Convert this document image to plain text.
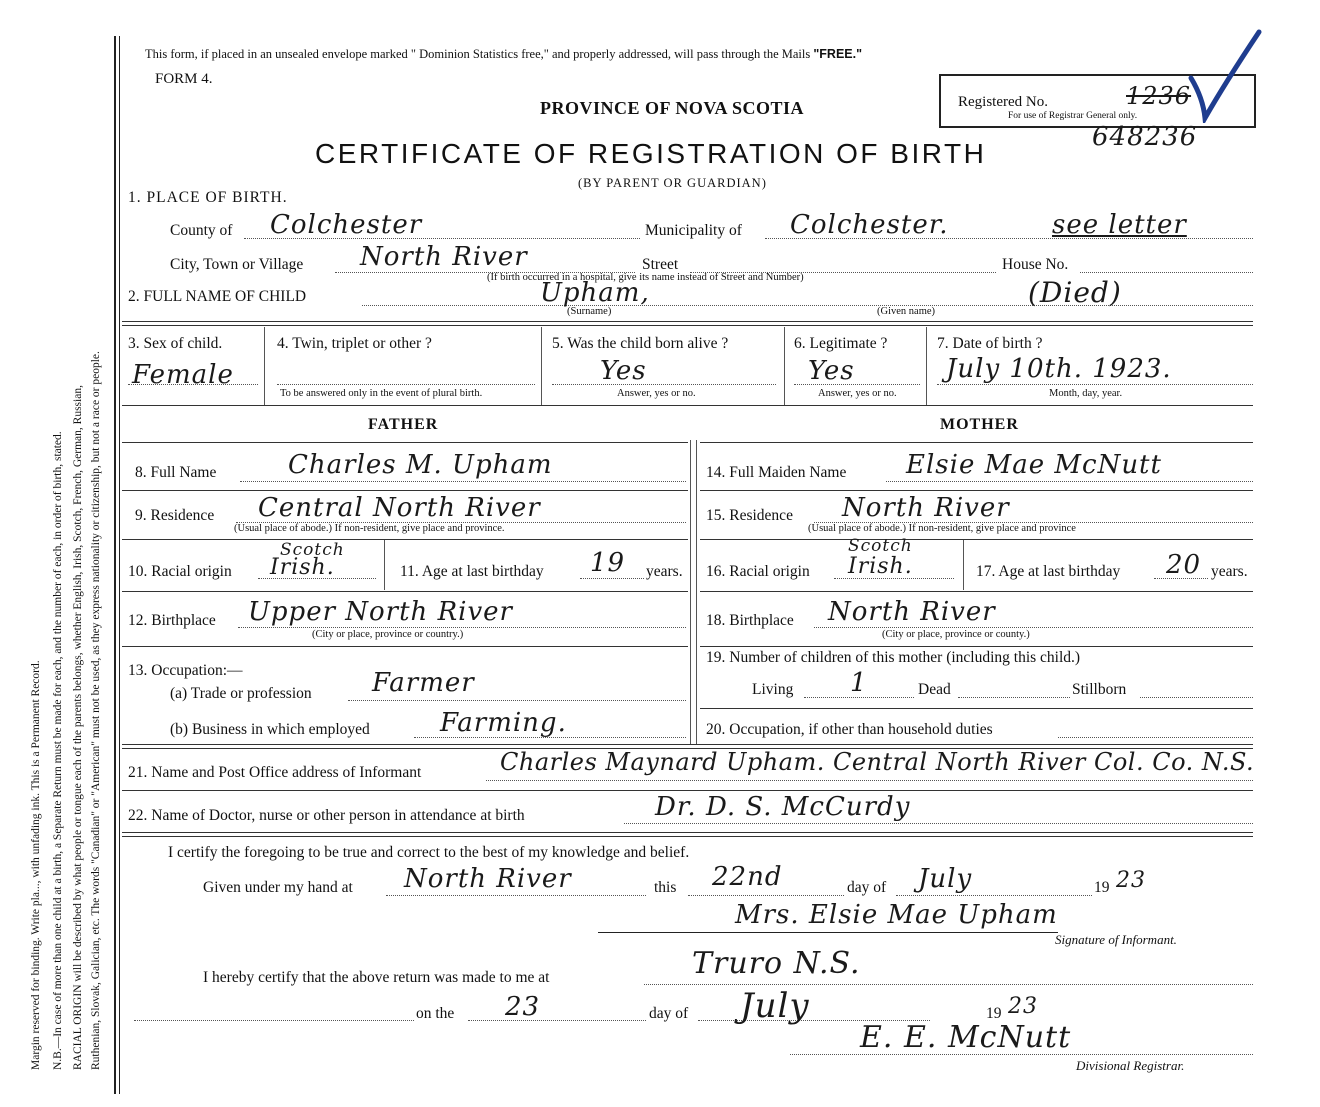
Margin reserved for binding. Write pla..., with unfading ink. This is a Permanent Record. N.B.—In case of more than one child at a birth, a Separate Return must be made for each, and the number of each, in order of birth, stated. RACIAL ORIGIN will be described by what people or tongue each of the parents belongs, whether English, Irish, Scotch, French, German, Russian, Ruthenian, Slovak, Galician, etc. The words "Canadian" or "American" must not be used, as they express nationality or citizenship, but not a race or people.
This form, if placed in an unsealed envelope marked " Dominion Statistics free," and properly addressed, will pass through the Mails "FREE."
FORM 4.
PROVINCE OF NOVA SCOTIA	Registered No.	1236
For use of Registrar General only.
648236
CERTIFICATE OF REGISTRATION OF BIRTH
(BY PARENT OR GUARDIAN)
1. PLACE OF BIRTH.
County of Colchester	Municipality of Colchester.	see letter
City, Town or Village North River	Street	House No.
(If birth occurred in a hospital, give its name instead of Street and Number)
2. FULL NAME OF CHILD	Upham,
(Surname)
(Died)
(Given name)
3. Sex of child.
Female
4. Twin, triplet or other ?
To be answered only in the event of plural birth.
5. Was the child born alive ?
Yes
Answer, yes or no.
6. Legitimate ?
Yes
Answer, yes or no.
7. Date of birth ?
July 10th. 1923.
Month, day, year.
FATHER	MOTHER
8. Full Name	Charles M. Upham
9. Residence Central North River
(Usual place of abode.) If non-resident, give place and province.
10. Racial origin
Scotch
Irish.	11. Age at last birthday 19 years.
12. Birthplace Upper North River
(City or place, province or country.)
13. Occupation:—
(a) Trade or profession Farmer
(b) Business in which employed	Farming.
14. Full Maiden Name Elsie Mae McNutt
15. Residence North River
(Usual place of abode.) If non-resident, give place and province
16. Racial origin
Scotch
Irish.	17. Age at last birthday 20 years.
18. Birthplace North River
(City or place, province or county.)
19. Number of children of this mother (including this child.)
Living 1	Dead	Stillborn
20. Occupation, if other than household duties
21. Name and Post Office address of Informant	Charles Maynard Upham. Central North River Col. Co. N.S.
22. Name of Doctor, nurse or other person in attendance at birth	Dr. D. S. McCurdy
I certify the foregoing to be true and correct to the best of my knowledge and belief.
Given under my hand at North River	this 22nd	day of July	19 23
Mrs. Elsie Mae Upham
Signature of Informant.
I hereby certify that the above return was made to me at	Truro N.S.
on the 23	day of July	19 23
E. E. McNutt
Divisional Registrar.
